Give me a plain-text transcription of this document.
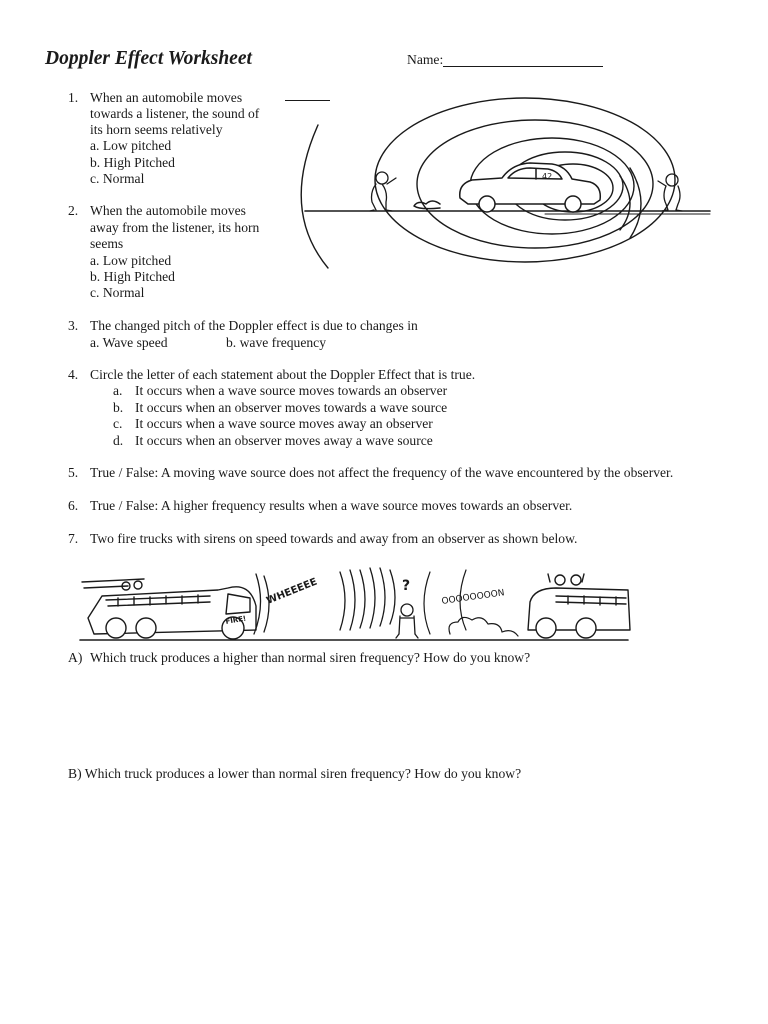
Doppler Effect Worksheet	Name:
1. When an automobile moves
towards a listener, the sound of
its horn seems relatively
a. Low pitched
b. High Pitched
c. Normal
2. When the automobile moves
away from the listener, its horn
seems
a. Low pitched
b. High Pitched
c. Normal
3. The changed pitch of the Doppler effect is due to changes in
a. Wave speed	b. wave frequency
4. Circle the letter of each statement about the Doppler Effect that is true.
a. It occurs when a wave source moves towards an observer
b. It occurs when an observer moves towards a wave source
c. It occurs when a wave source moves away an observer
d. It occurs when an observer moves away a wave source
5. True / False: A moving wave source does not affect the frequency of the wave encountered by the observer.
6. True / False: A higher frequency results when a wave source moves towards an observer.
7. Two fire trucks with sirens on speed towards and away from an observer as shown below.
A) Which truck produces a higher than normal siren frequency? How do you know?
B) Which truck produces a lower than normal siren frequency? How do you know?
42
FIRE!
WHEEEEE	?
OOOOOOOON
